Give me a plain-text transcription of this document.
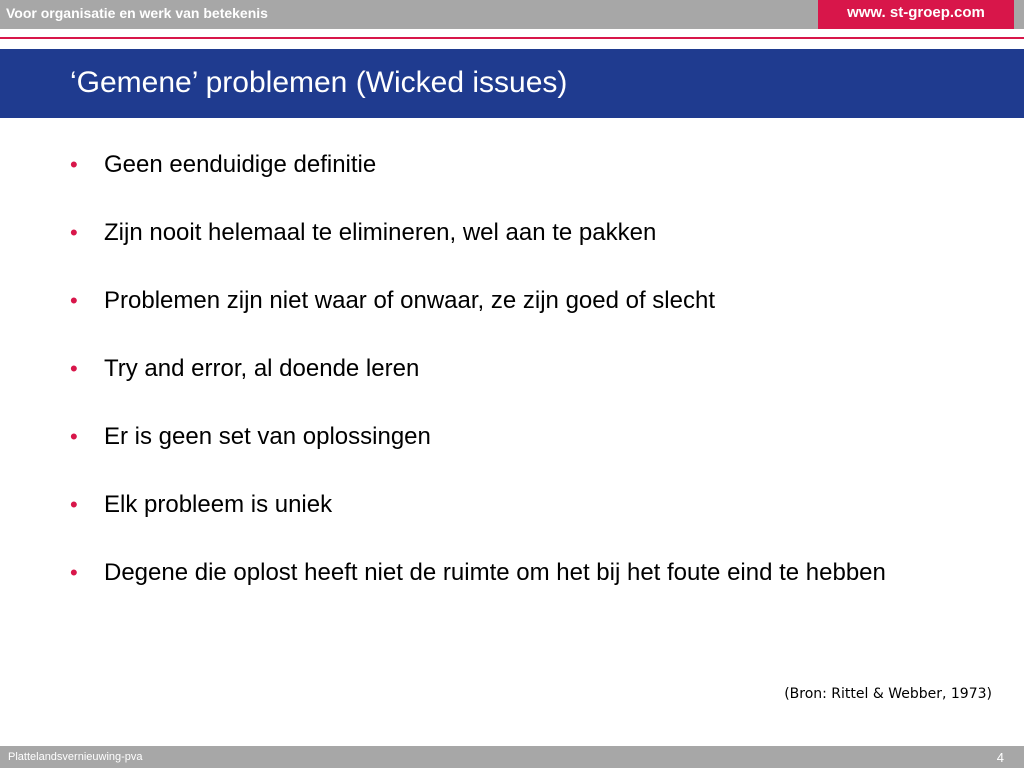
Voor organisatie en werk van betekenis	www. st-groep.com
‘Gemene’ problemen (Wicked issues)
• Geen eenduidige definitie
• Zijn nooit helemaal te elimineren, wel aan te pakken
• Problemen zijn niet waar of onwaar, ze zijn goed of slecht
• Try and error, al doende leren
• Er is geen set van oplossingen
• Elk probleem is uniek
• Degene die oplost heeft niet de ruimte om het bij het foute eind te hebben
(Bron: Rittel & Webber, 1973)
Plattelandsvernieuwing-pva	4
